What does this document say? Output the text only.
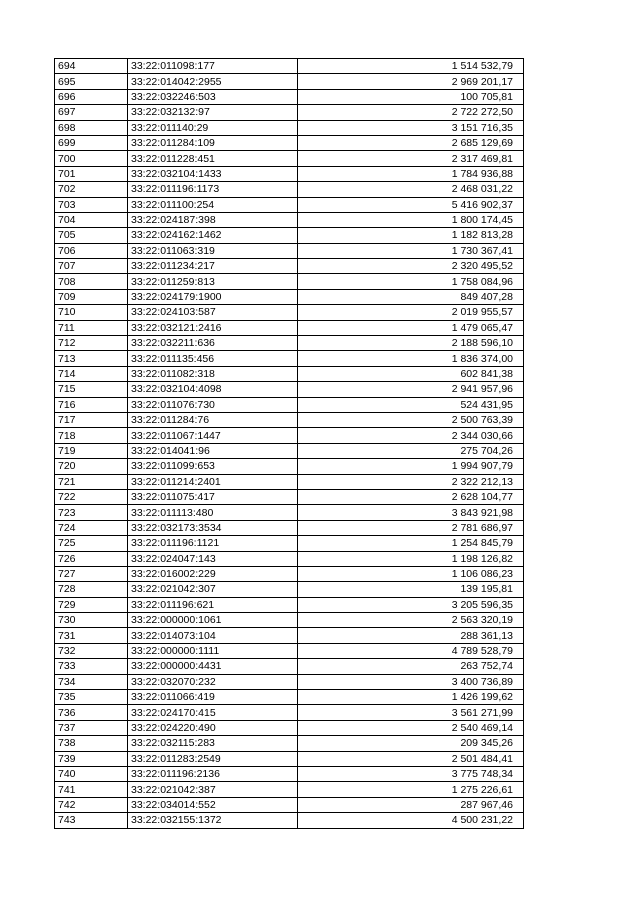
694	33:22:011098:177	1 514 532,79
695	33:22:014042:2955	2 969 201,17
696	33:22:032246:503	100 705,81
697	33:22:032132:97	2 722 272,50
698	33:22:011140:29	3 151 716,35
699	33:22:011284:109	2 685 129,69
700	33:22:011228:451	2 317 469,81
701	33:22:032104:1433	1 784 936,88
702	33:22:011196:1173	2 468 031,22
703	33:22:011100:254	5 416 902,37
704	33:22:024187:398	1 800 174,45
705	33:22:024162:1462	1 182 813,28
706	33:22:011063:319	1 730 367,41
707	33:22:011234:217	2 320 495,52
708	33:22:011259:813	1 758 084,96
709	33:22:024179:1900	849 407,28
710	33:22:024103:587	2 019 955,57
711	33:22:032121:2416	1 479 065,47
712	33:22:032211:636	2 188 596,10
713	33:22:011135:456	1 836 374,00
714	33:22:011082:318	602 841,38
715	33:22:032104:4098	2 941 957,96
716	33:22:011076:730	524 431,95
717	33:22:011284:76	2 500 763,39
718	33:22:011067:1447	2 344 030,66
719	33:22:014041:96	275 704,26
720	33:22:011099:653	1 994 907,79
721	33:22:011214:2401	2 322 212,13
722	33:22:011075:417	2 628 104,77
723	33:22:011113:480	3 843 921,98
724	33:22:032173:3534	2 781 686,97
725	33:22:011196:1121	1 254 845,79
726	33:22:024047:143	1 198 126,82
727	33:22:016002:229	1 106 086,23
728	33:22:021042:307	139 195,81
729	33:22:011196:621	3 205 596,35
730	33:22:000000:1061	2 563 320,19
731	33:22:014073:104	288 361,13
732	33:22:000000:1111	4 789 528,79
733	33:22:000000:4431	263 752,74
734	33:22:032070:232	3 400 736,89
735	33:22:011066:419	1 426 199,62
736	33:22:024170:415	3 561 271,99
737	33:22:024220:490	2 540 469,14
738	33:22:032115:283	209 345,26
739	33:22:011283:2549	2 501 484,41
740	33:22:011196:2136	3 775 748,34
741	33:22:021042:387	1 275 226,61
742	33:22:034014:552	287 967,46
743	33:22:032155:1372	4 500 231,22
